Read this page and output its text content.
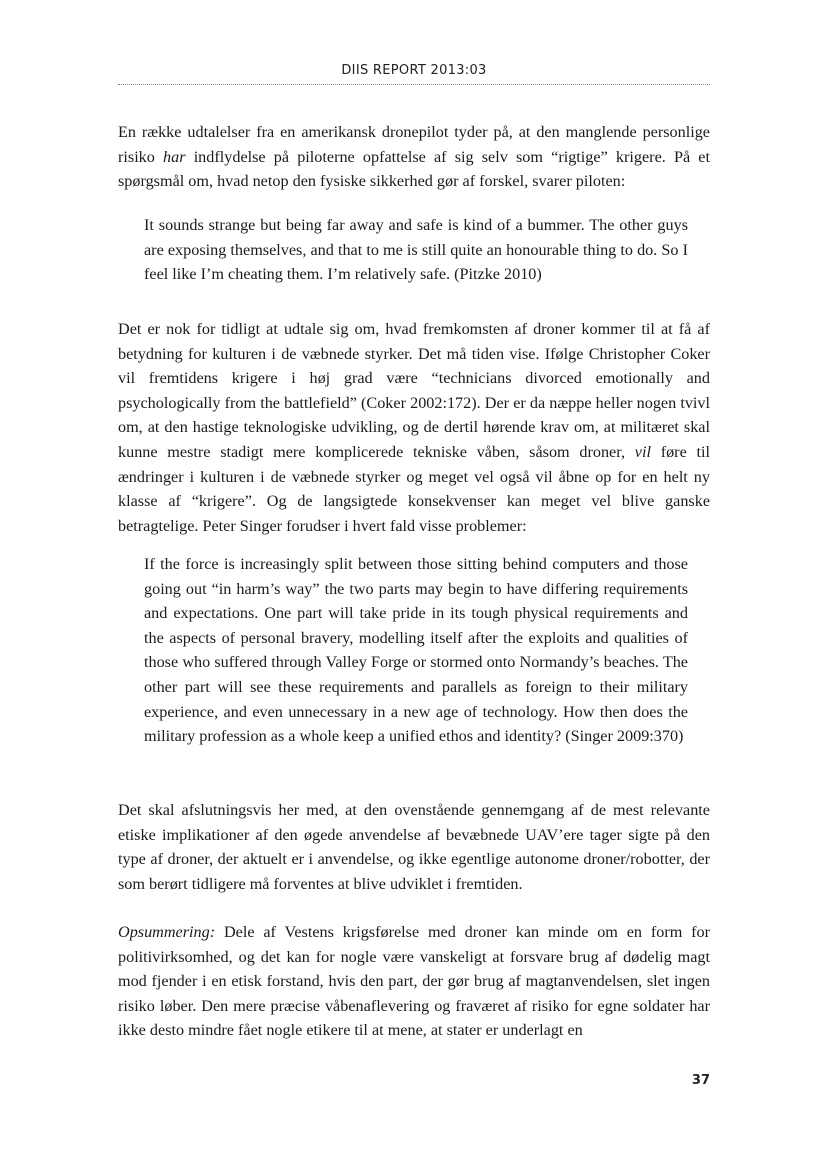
DIIS REPORT 2013:03

En række udtalelser fra en amerikansk dronepilot tyder på, at den manglende personlige risiko har indflydelse på piloterne opfattelse af sig selv som “rigtige” krigere. På et spørgsmål om, hvad netop den fysiske sikkerhed gør af forskel, svarer piloten:

It sounds strange but being far away and safe is kind of a bummer. The other guys are exposing themselves, and that to me is still quite an honourable thing to do. So I feel like I’m cheating them. I’m relatively safe. (Pitzke 2010)

Det er nok for tidligt at udtale sig om, hvad fremkomsten af droner kommer til at få af betydning for kulturen i de væbnede styrker. Det må tiden vise. Ifølge Christopher Coker vil fremtidens krigere i høj grad være “technicians divorced emotionally and psychologically from the battlefield” (Coker 2002:172). Der er da næppe heller nogen tvivl om, at den hastige teknologiske udvikling, og de dertil hørende krav om, at militæret skal kunne mestre stadigt mere komplicerede tekniske våben, såsom droner, vil føre til ændringer i kulturen i de væbnede styrker og meget vel også vil åbne op for en helt ny klasse af “krigere”. Og de langsigtede konsekvenser kan meget vel blive ganske betragtelige. Peter Singer forudser i hvert fald visse problemer:

If the force is increasingly split between those sitting behind computers and those going out “in harm’s way” the two parts may begin to have differing requirements and expectations. One part will take pride in its tough physical requirements and the aspects of personal bravery, modelling itself after the exploits and qualities of those who suffered through Valley Forge or stormed onto Normandy’s beaches. The other part will see these requirements and parallels as foreign to their military experience, and even unnecessary in a new age of technology. How then does the military profession as a whole keep a unified ethos and identity? (Singer 2009:370)

Det skal afslutningsvis her med, at den ovenstående gennemgang af de mest relevante etiske implikationer af den øgede anvendelse af bevæbnede UAV’ere tager sigte på den type af droner, der aktuelt er i anvendelse, og ikke egentlige autonome droner/robotter, der som berørt tidligere må forventes at blive udviklet i fremtiden.

Opsummering: Dele af Vestens krigsførelse med droner kan minde om en form for politivirksomhed, og det kan for nogle være vanskeligt at forsvare brug af dødelig magt mod fjender i en etisk forstand, hvis den part, der gør brug af magtanvendelsen, slet ingen risiko løber. Den mere præcise våbenaflevering og fraværet af risiko for egne soldater har ikke desto mindre fået nogle etikere til at mene, at stater er underlagt en

37
